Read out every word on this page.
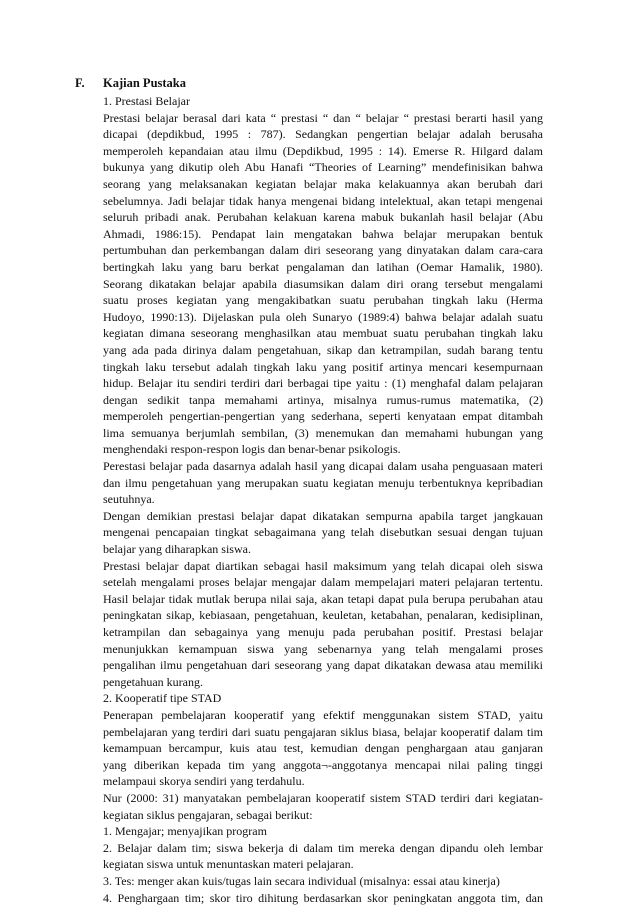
F. Kajian Pustaka
1. Prestasi Belajar
Prestasi belajar berasal dari kata “ prestasi “ dan “ belajar “ prestasi berarti hasil yang
dicapai (depdikbud, 1995 : 787). Sedangkan pengertian belajar adalah berusaha
memperoleh kepandaian atau ilmu (Depdikbud, 1995 : 14). Emerse R. Hilgard dalam
bukunya yang dikutip oleh Abu Hanafi “Theories of Learning” mendefinisikan bahwa
seorang yang melaksanakan kegiatan belajar maka kelakuannya akan berubah dari
sebelumnya. Jadi belajar tidak hanya mengenai bidang intelektual, akan tetapi mengenai
seluruh pribadi anak. Perubahan kelakuan karena mabuk bukanlah hasil belajar (Abu
Ahmadi, 1986:15). Pendapat lain mengatakan bahwa belajar merupakan bentuk
pertumbuhan dan perkembangan dalam diri seseorang yang dinyatakan dalam cara-cara
bertingkah laku yang baru berkat pengalaman dan latihan (Oemar Hamalik, 1980).
Seorang dikatakan belajar apabila diasumsikan dalam diri orang tersebut mengalami
suatu proses kegiatan yang mengakibatkan suatu perubahan tingkah laku (Herma
Hudoyo, 1990:13). Dijelaskan pula oleh Sunaryo (1989:4) bahwa belajar adalah suatu
kegiatan dimana seseorang menghasilkan atau membuat suatu perubahan tingkah laku
yang ada pada dirinya dalam pengetahuan, sikap dan ketrampilan, sudah barang tentu
tingkah laku tersebut adalah tingkah laku yang positif artinya mencari kesempurnaan
hidup. Belajar itu sendiri terdiri dari berbagai tipe yaitu : (1) menghafal dalam pelajaran
dengan sedikit tanpa memahami artinya, misalnya rumus-rumus matematika, (2)
memperoleh pengertian-pengertian yang sederhana, seperti kenyataan empat ditambah
lima semuanya berjumlah sembilan, (3) menemukan dan memahami hubungan yang
menghendaki respon-respon logis dan benar-benar psikologis.
Perestasi belajar pada dasarnya adalah hasil yang dicapai dalam usaha penguasaan materi
dan ilmu pengetahuan yang merupakan suatu kegiatan menuju terbentuknya kepribadian
seutuhnya.
Dengan demikian prestasi belajar dapat dikatakan sempurna apabila target jangkauan
mengenai pencapaian tingkat sebagaimana yang telah disebutkan sesuai dengan tujuan
belajar yang diharapkan siswa.
Prestasi belajar dapat diartikan sebagai hasil maksimum yang telah dicapai oleh siswa
setelah mengalami proses belajar mengajar dalam mempelajari materi pelajaran tertentu.
Hasil belajar tidak mutlak berupa nilai saja, akan tetapi dapat pula berupa perubahan atau
peningkatan sikap, kebiasaan, pengetahuan, keuletan, ketabahan, penalaran, kedisiplinan,
ketrampilan dan sebagainya yang menuju pada perubahan positif. Prestasi belajar
menunjukkan kemampuan siswa yang sebenarnya yang telah mengalami proses
pengalihan ilmu pengetahuan dari seseorang yang dapat dikatakan dewasa atau memiliki
pengetahuan kurang.
2. Kooperatif tipe STAD
Penerapan pembelajaran kooperatif yang efektif menggunakan sistem STAD, yaitu
pembelajaran yang terdiri dari suatu pengajaran siklus biasa, belajar kooperatif dalam tim
kemampuan bercampur, kuis atau test, kemudian dengan penghargaan atau ganjaran
yang diberikan kepada tim yang anggota¬-anggotanya mencapai nilai paling tinggi
melampaui skorya sendiri yang terdahulu.
Nur (2000: 31) manyatakan pembelajaran kooperatif sistem STAD terdiri dari kegiatan-
kegiatan siklus pengajaran, sebagai berikut:
1. Mengajar; menyajikan program
2. Belajar dalam tim; siswa bekerja di dalam tim mereka dengan dipandu oleh lembar
kegiatan siswa untuk menuntaskan materi pelajaran.
3. Tes: menger akan kuis/tugas lain secara individual (misalnya: essai atau kinerja)
4. Penghargaan tim; skor tiro dihitung berdasarkan skor peningkatan anggota tim, dan
